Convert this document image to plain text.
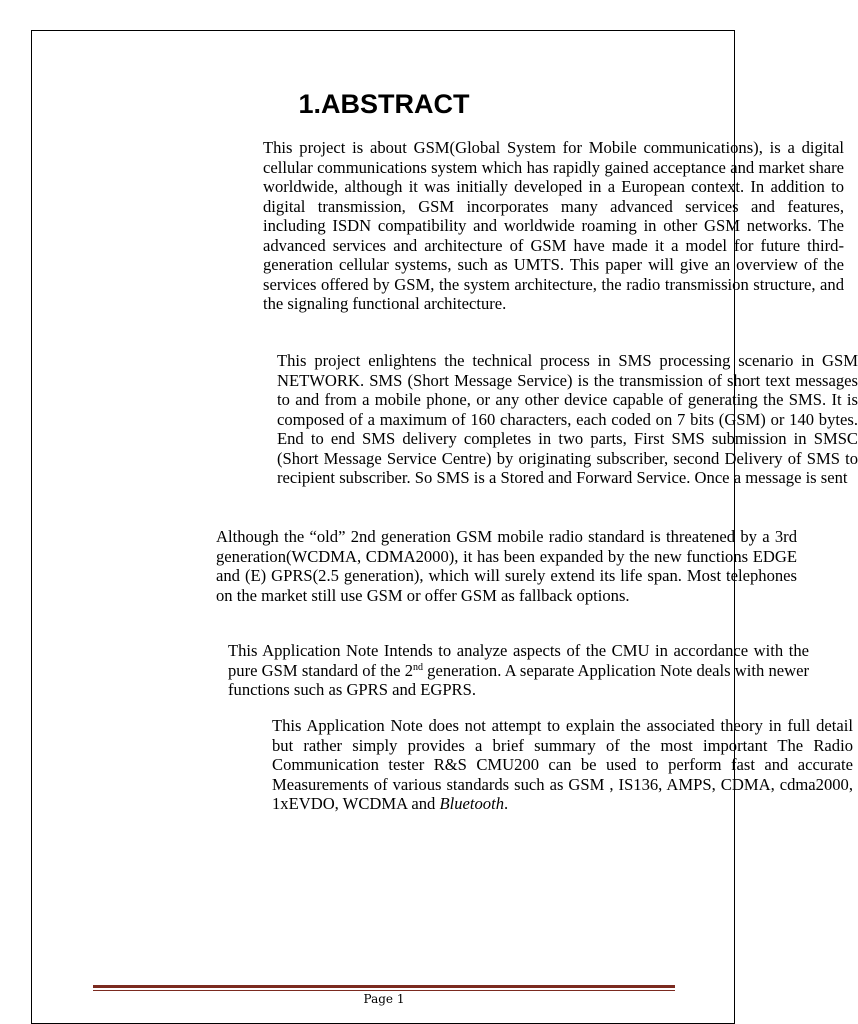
1.ABSTRACT

This project is about GSM(Global System for Mobile communications), is a digital cellular communications system which has rapidly gained acceptance and market share worldwide, although it was initially developed in a European context. In addition to digital transmission, GSM incorporates many advanced services and features, including ISDN compatibility and worldwide roaming in other GSM networks. The advanced services and architecture of GSM have made it a model for future third-generation cellular systems, such as UMTS. This paper will give an overview of the services offered by GSM, the system architecture, the radio transmission structure, and the signaling functional architecture.

This project enlightens the technical process in SMS processing scenario in GSM NETWORK. SMS (Short Message Service) is the transmission of short text messages to and from a mobile phone, or any other device capable of generating the SMS. It is composed of a maximum of 160 characters, each coded on 7 bits (GSM) or 140 bytes. End to end SMS delivery completes in two parts, First SMS submission in SMSC (Short Message Service Centre) by originating subscriber, second Delivery of SMS to recipient subscriber. So SMS is a Stored and Forward Service. Once a message is sent

Although the “old” 2nd generation GSM mobile radio standard is threatened by a 3rd generation(WCDMA, CDMA2000), it has been expanded by the new functions EDGE and (E) GPRS(2.5 generation), which will surely extend its life span. Most telephones on the market still use GSM or offer GSM as fallback options.

This Application Note Intends to analyze aspects of the CMU in accordance with the pure GSM standard of the 2nd generation. A separate Application Note deals with newer functions such as GPRS and EGPRS.

This Application Note does not attempt to explain the associated theory in full detail but rather simply provides a brief summary of the most important The Radio Communication tester R&S CMU200 can be used to perform fast and accurate Measurements of various standards such as GSM , IS136, AMPS, CDMA, cdma2000, 1xEVDO, WCDMA and Bluetooth.

Page 1
